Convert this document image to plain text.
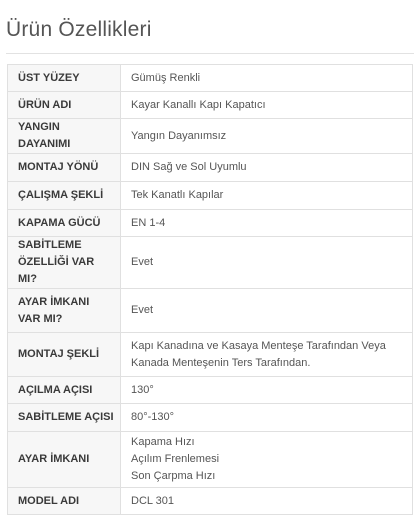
Ürün Özellikleri
ÜST YÜZEY	Gümüş Renkli

ÜRÜN ADI	Kayar Kanallı Kapı Kapatıcı

YANGIN DAYANIMI	Yangın Dayanımsız

MONTAJ YÖNÜ	DIN Sağ ve Sol Uyumlu

ÇALIŞMA ŞEKLİ	Tek Kanatlı Kapılar

KAPAMA GÜCÜ	EN 1-4

SABİTLEME ÖZELLİĞİ VAR MI?	Evet

AYAR İMKANI VAR MI?	Evet

MONTAJ ŞEKLİ	Kapı Kanadına ve Kasaya Menteşe Tarafından Veya Kanada Menteşenin Ters Tarafından.

AÇILMA AÇISI	130°

SABİTLEME AÇISI	80°-130°

AYAR İMKANI	Kapama Hızı
Açılım Frenlemesi
Son Çarpma Hızı

MODEL ADI	DCL 301
